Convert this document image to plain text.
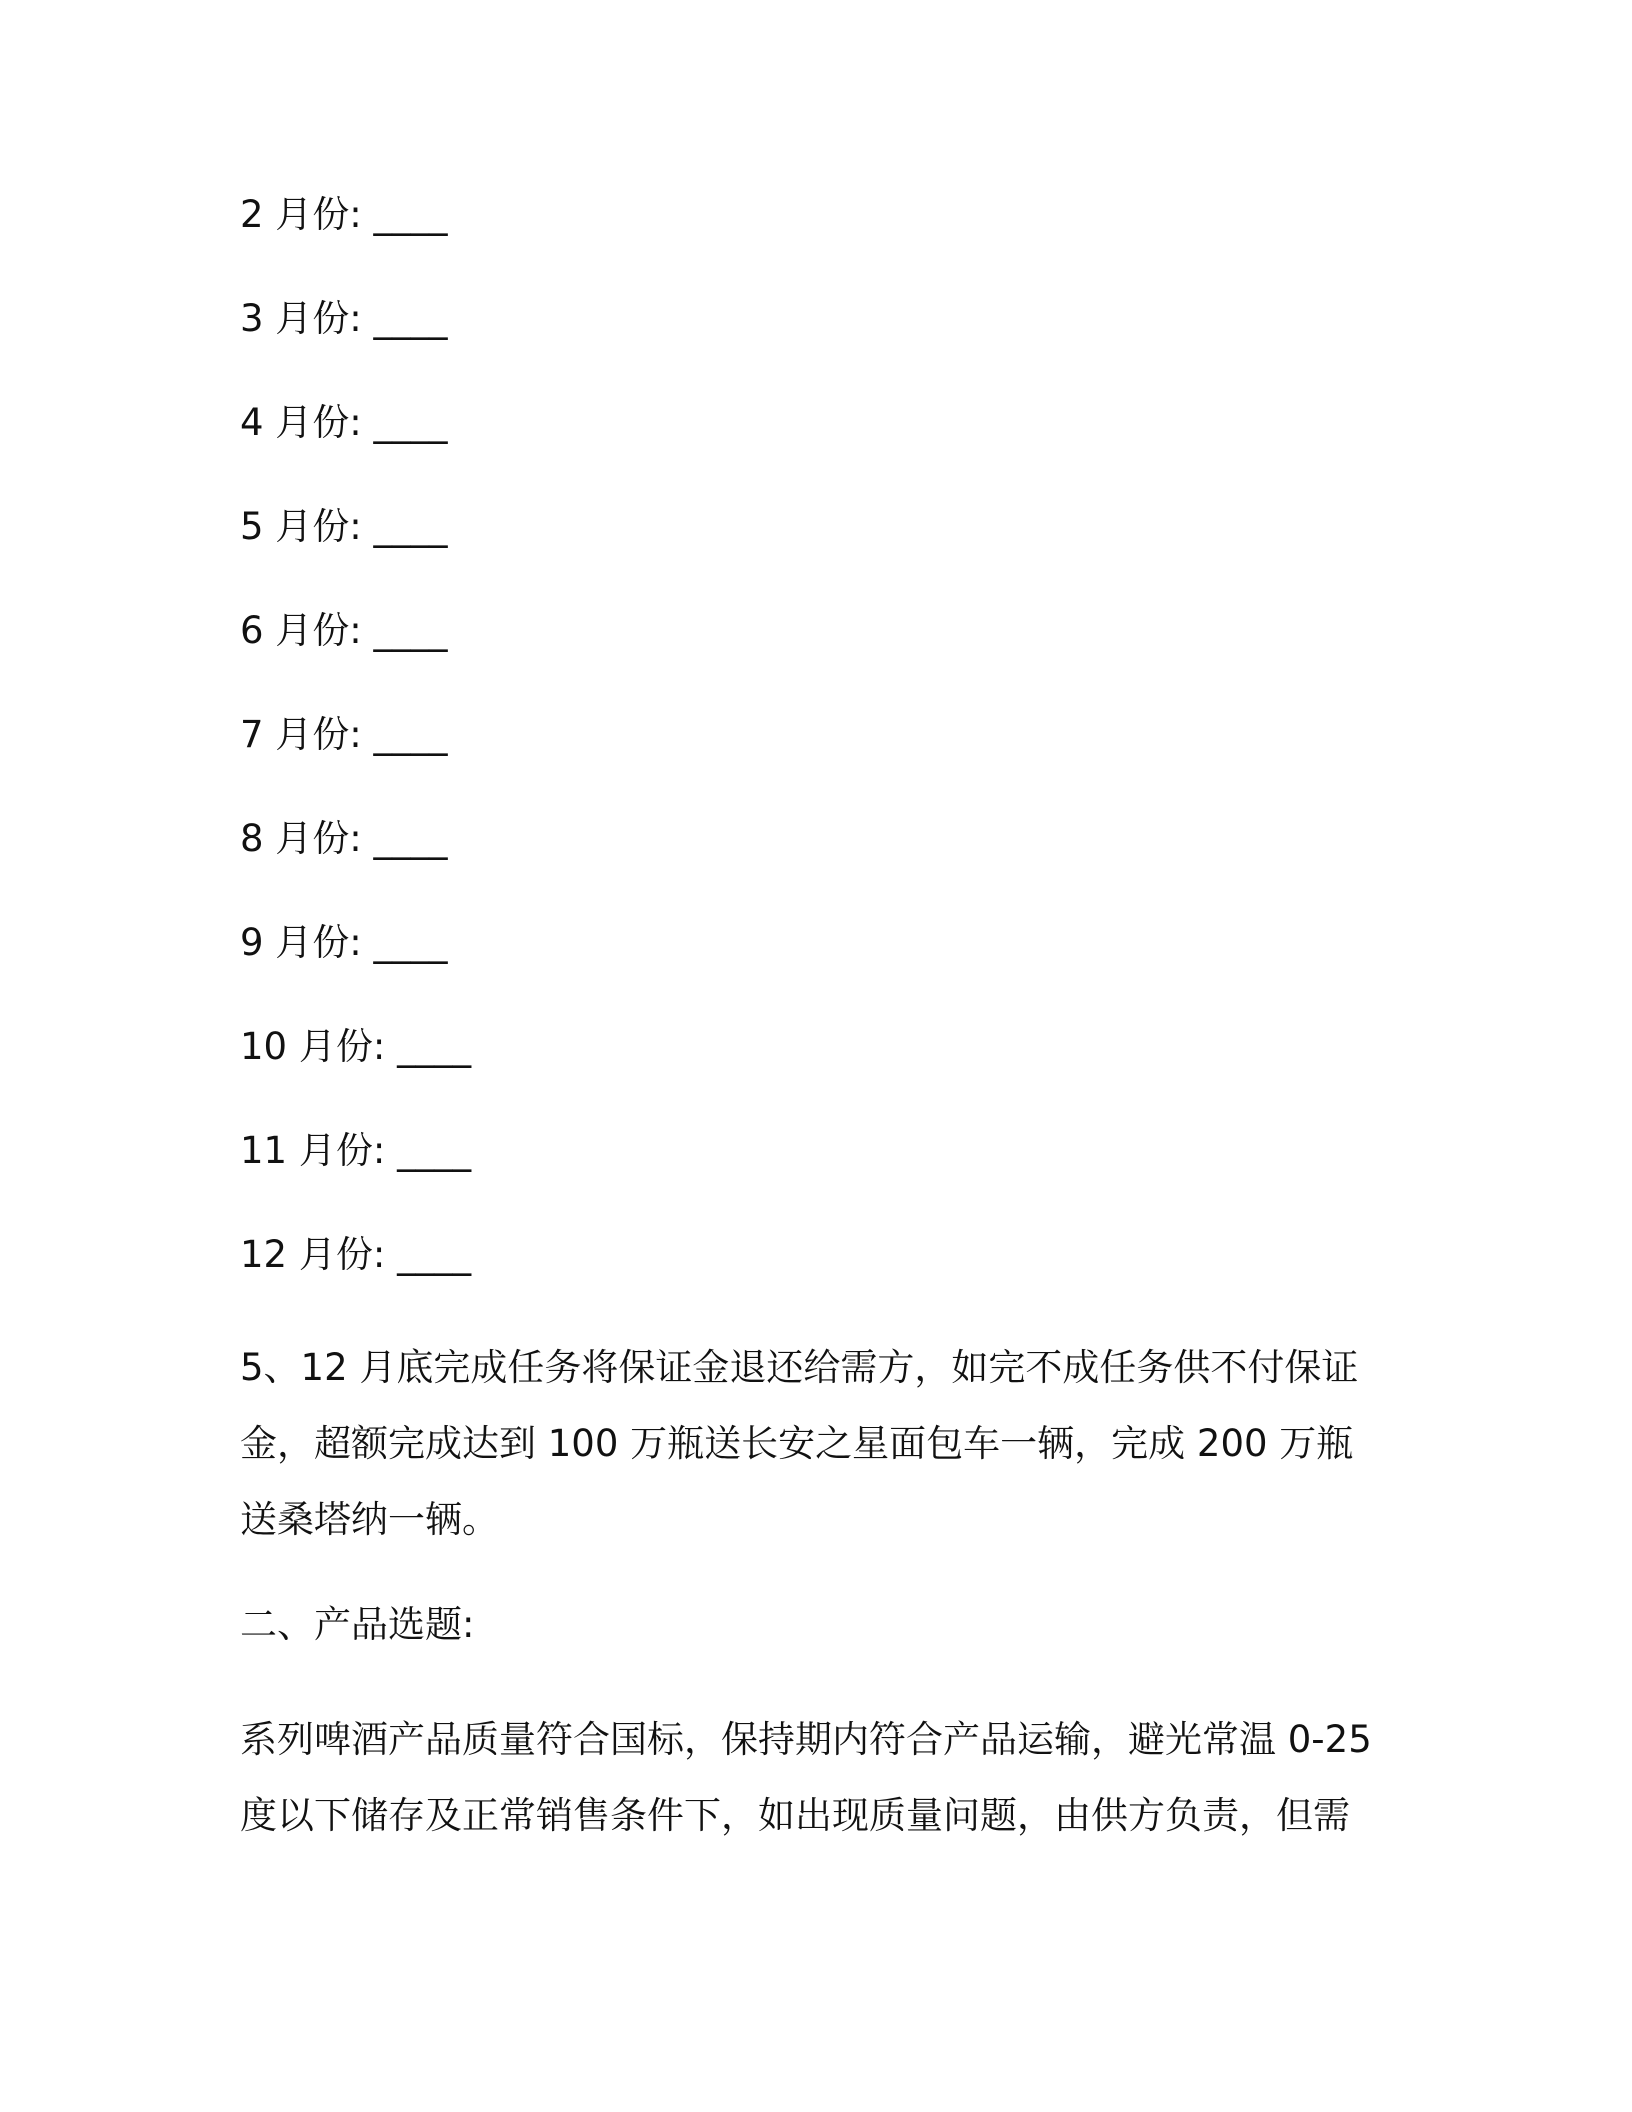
2 月份: ____
3 月份: ____
4 月份: ____
5 月份: ____
6 月份: ____
7 月份: ____
8 月份: ____
9 月份: ____
10 月份: ____
11 月份: ____
12 月份: ____

5、12 月底完成任务将保证金退还给需方，如完不成任务供不付保证金，超额完成达到 100 万瓶送长安之星面包车一辆，完成 200 万瓶送桑塔纳一辆。

二、产品选题:

系列啤酒产品质量符合国标，保持期内符合产品运输，避光常温 0-25 度以下储存及正常销售条件下，如出现质量问题，由供方负责，但需
